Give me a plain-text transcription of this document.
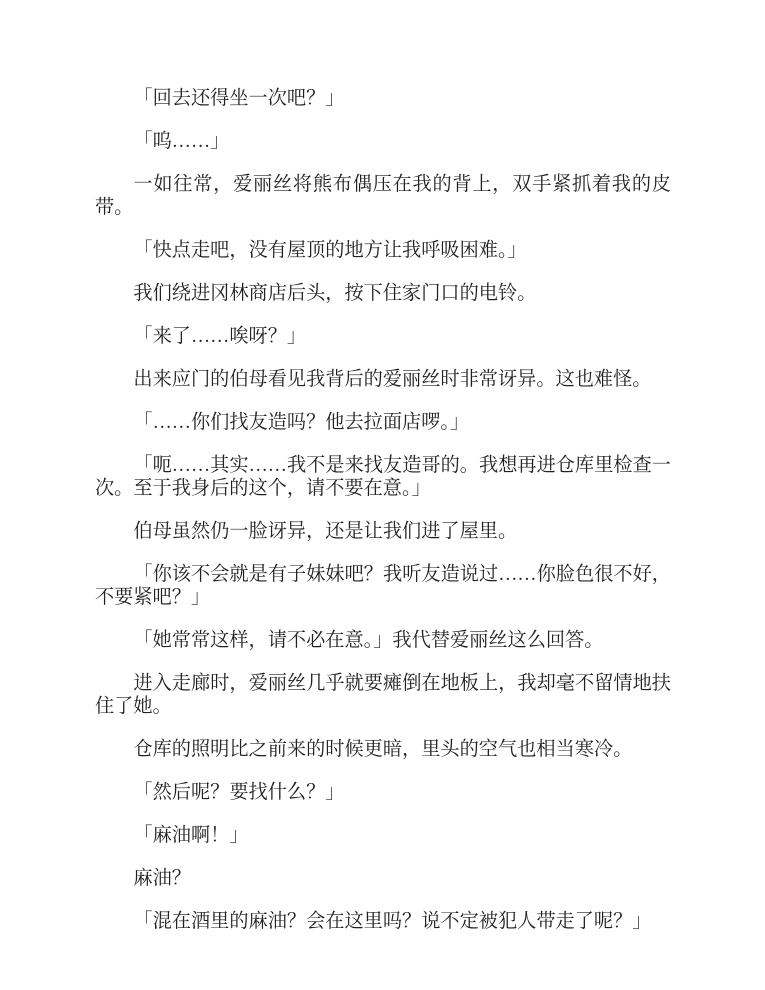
「回去还得坐一次吧？」

「呜……」

一如往常，爱丽丝将熊布偶压在我的背上，双手紧抓着我的皮带。

「快点走吧，没有屋顶的地方让我呼吸困难。」

我们绕进冈林商店后头，按下住家门口的电铃。

「来了……唉呀？」

出来应门的伯母看见我背后的爱丽丝时非常讶异。这也难怪。

「……你们找友造吗？他去拉面店啰。」

「呃……其实……我不是来找友造哥的。我想再进仓库里检查一次。至于我身后的这个，请不要在意。」

伯母虽然仍一脸讶异，还是让我们进了屋里。

「你该不会就是有子妹妹吧？我听友造说过……你脸色很不好，不要紧吧？」

「她常常这样，请不必在意。」我代替爱丽丝这么回答。

进入走廊时，爱丽丝几乎就要瘫倒在地板上，我却毫不留情地扶住了她。

仓库的照明比之前来的时候更暗，里头的空气也相当寒冷。

「然后呢？要找什么？」

「麻油啊！」

麻油？

「混在酒里的麻油？会在这里吗？说不定被犯人带走了呢？」
